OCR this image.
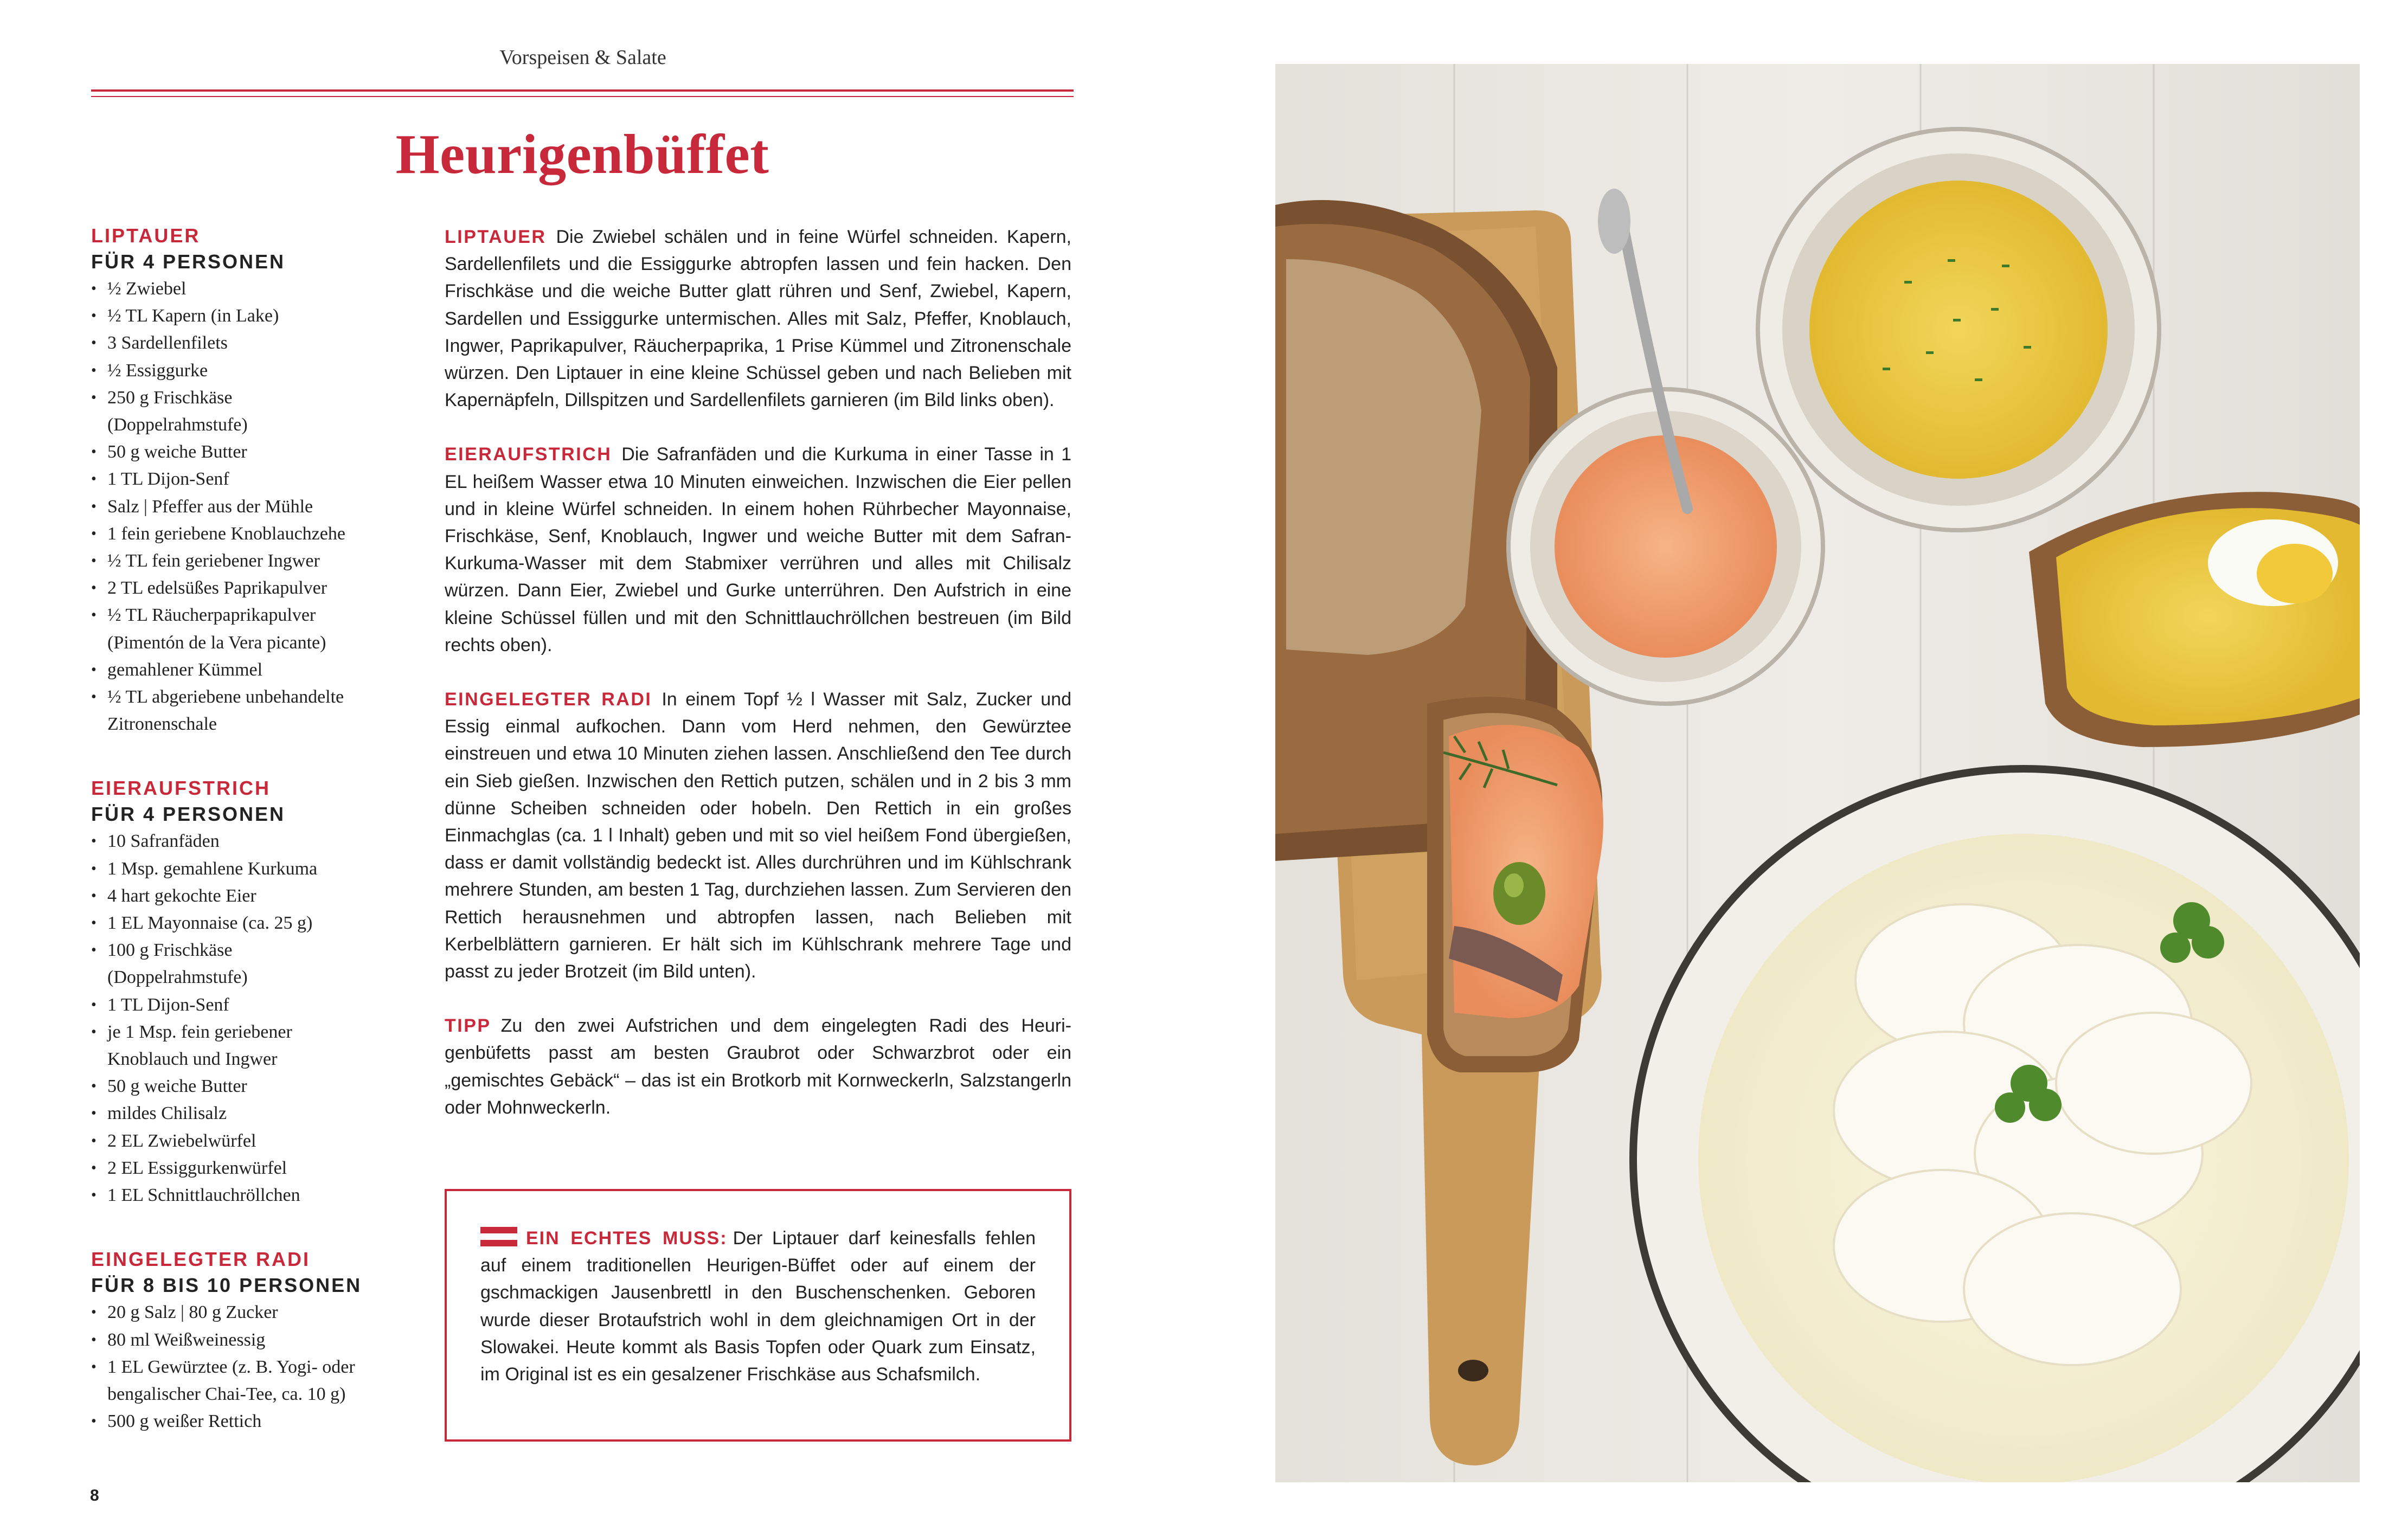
Vorspeisen & Salate
Heurigenbüffet
LIPTAUER
FÜR 4 PERSONEN
• ½ Zwiebel
• ½ TL Kapern (in Lake)
• 3 Sardellenfilets
• ½ Essiggurke
• 250 g Frischkäse
(Doppelrahmstufe)
• 50 g weiche Butter
• 1 TL Dijon-Senf
• Salz | Pfeffer aus der Mühle
• 1 fein geriebene Knoblauchzehe
• ½ TL fein geriebener Ingwer
• 2 TL edelsüßes Paprikapulver
• ½ TL Räucherpaprikapulver
(Pimentón de la Vera picante)
• gemahlener Kümmel
• ½ TL abgeriebene unbehandelte
Zitronenschale
EIERAUFSTRICH
FÜR 4 PERSONEN
• 10 Safranfäden
• 1 Msp. gemahlene Kurkuma
• 4 hart gekochte Eier
• 1 EL Mayonnaise (ca. 25 g)
• 100 g Frischkäse
(Doppelrahmstufe)
• 1 TL Dijon-Senf
• je 1 Msp. fein geriebener
Knoblauch und Ingwer
• 50 g weiche Butter
• mildes Chilisalz
• 2 EL Zwiebelwürfel
• 2 EL Essiggurkenwürfel
• 1 EL Schnittlauchröllchen
EINGELEGTER RADI
FÜR 8 BIS 10 PERSONEN
• 20 g Salz | 80 g Zucker
• 80 ml Weißweinessig
• 1 EL Gewürztee (z. B. Yogi- oder
bengalischer Chai-Tee, ca. 10 g)
• 500 g weißer Rettich

LIPTAUER Die Zwiebel schälen und in feine Würfel schneiden. Kapern, Sardellenfilets und die Essiggurke abtropfen lassen und fein hacken. Den Frischkäse und die weiche Butter glatt rühren und Senf, Zwiebel, Kapern, Sardellen und Essiggurke untermischen. Alles mit Salz, Pfeffer, Knoblauch, Ingwer, Paprikapulver, Räucherpaprika, 1 Prise Kümmel und Zitronenschale würzen. Den Liptauer in eine kleine Schüssel geben und nach Belieben mit Kapernäpfeln, Dillspitzen und Sardellenfilets garnieren (im Bild links oben).

EIERAUFSTRICH Die Safranfäden und die Kurkuma in einer Tasse in 1 EL heißem Wasser etwa 10 Minuten einweichen. Inzwischen die Eier pellen und in kleine Würfel schneiden. In einem hohen Rührbecher Mayonnaise, Frischkäse, Senf, Knoblauch, Ingwer und weiche Butter mit dem Safran-Kurkuma-Wasser mit dem Stabmixer verrühren und alles mit Chilisalz würzen. Dann Eier, Zwiebel und Gurke unterrühren. Den Aufstrich in eine kleine Schüssel füllen und mit den Schnittlauchröllchen bestreuen (im Bild rechts oben).

EINGELEGTER RADI In einem Topf ½ l Wasser mit Salz, Zucker und Essig einmal aufkochen. Dann vom Herd nehmen, den Gewürztee einstreuen und etwa 10 Minuten ziehen lassen. Anschließend den Tee durch ein Sieb gießen. Inzwischen den Rettich putzen, schälen und in 2 bis 3 mm dünne Scheiben schneiden oder hobeln. Den Rettich in ein großes Einmachglas (ca. 1 l Inhalt) geben und mit so viel heißem Fond übergießen, dass er damit vollständig bedeckt ist. Alles durchrühren und im Kühlschrank mehrere Stunden, am besten 1 Tag, durchziehen lassen. Zum Servieren den Rettich herausnehmen und abtropfen lassen, nach Belieben mit Kerbelblättern garnieren. Er hält sich im Kühlschrank mehrere Tage und passt zu jeder Brotzeit (im Bild unten).

TIPP Zu den zwei Aufstrichen und dem eingelegten Radi des Heurigenbüfetts passt am besten Graubrot oder Schwarzbrot oder ein „gemischtes Gebäck“ – das ist ein Brotkorb mit Kornweckerln, Salzstangerln oder Mohnweckerln.

EIN ECHTES MUSS: Der Liptauer darf keinesfalls fehlen auf einem traditionellen Heurigen-Büffet oder auf einem der gschmackigen Jausenbrettl in den Buschenschenken. Geboren wurde dieser Brotaufstrich wohl in dem gleichnamigen Ort in der Slowakei. Heute kommt als Basis Topfen oder Quark zum Einsatz, im Original ist es ein gesalzener Frischkäse aus Schafsmilch.

8
